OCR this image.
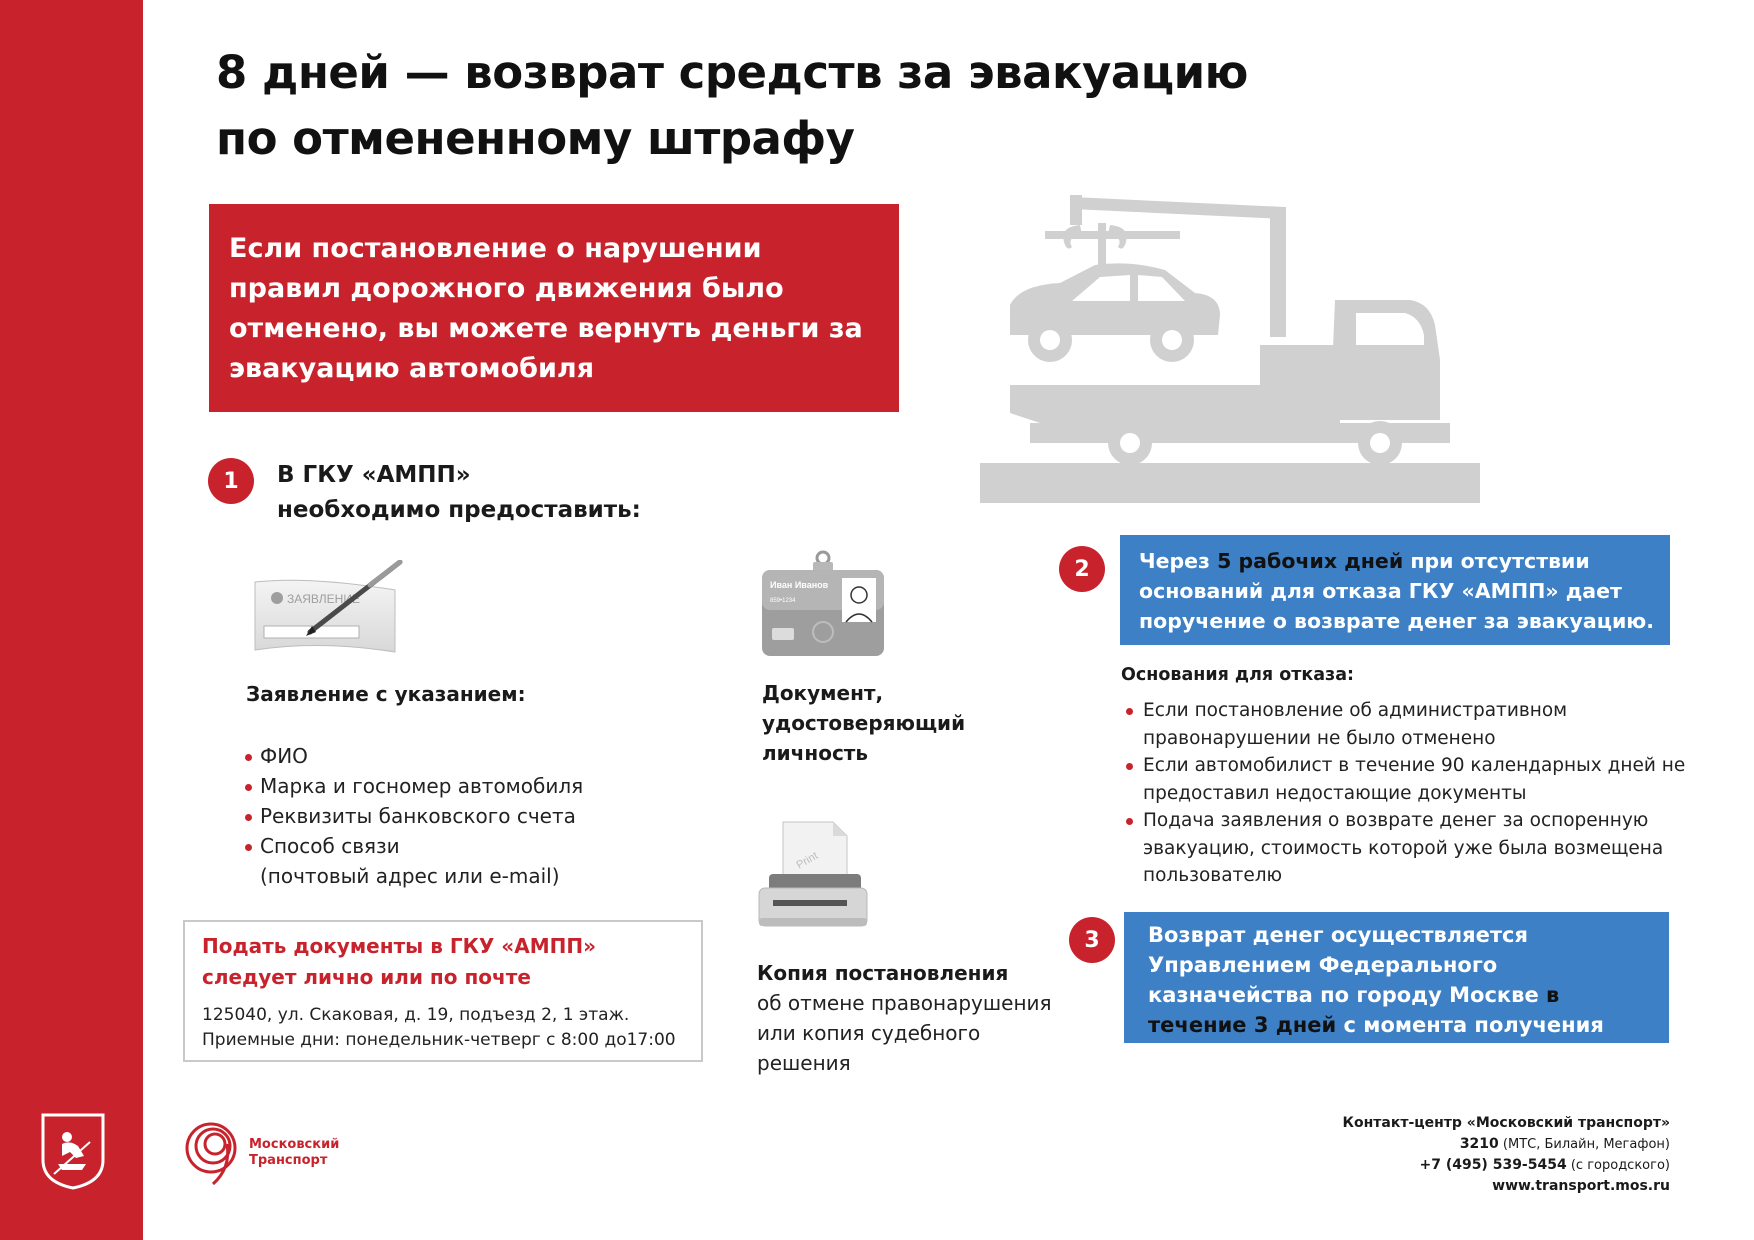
8 дней — возврат средств за эвакуацию
по отмененному штрафу
Если постановление о нарушении правил дорожного движения было отменено, вы можете вернуть деньги за эвакуацию автомобиля
1	В ГКУ «АМПП»
необходимо предоставить:
ЗАЯВЛЕНИЕ
Заявление с указанием:
ФИО
Марка и госномер автомобиля
Реквизиты банковского счета
Способ связи
(почтовый адрес или e-mail)
Иван Иванов
859•1234
Документ,
удостоверяющий
личность
Print
Копия постановления
об отмене правонарушения
или копия судебного решения
Подать документы в ГКУ «АМПП» следует лично или по почте
125040, ул. Скаковая, д. 19, подъезд 2, 1 этаж.
Приемные дни: понедельник-четверг с 8:00 до17:00
2	Через 5 рабочих дней при отсутствии оснований для отказа ГКУ «АМПП» дает поручение о возврате денег за эвакуацию.
Основания для отказа:
Если постановление об административном правонарушении не было отменено
Если автомобилист в течение 90 календарных дней не предоставил недостающие документы
Подача заявления о возврате денег за оспоренную эвакуацию, стоимость которой уже была возмещена пользователю
3	Возврат денег осуществляется Управлением Федерального казначейства по городу Москве в течение 3 дней с момента получения поручения о возврате денег.
Московский
Транспорт
Контакт-центр «Московский транспорт»
3210 (МТС, Билайн, Мегафон)
+7 (495) 539-5454 (с городского)
www.transport.mos.ru
